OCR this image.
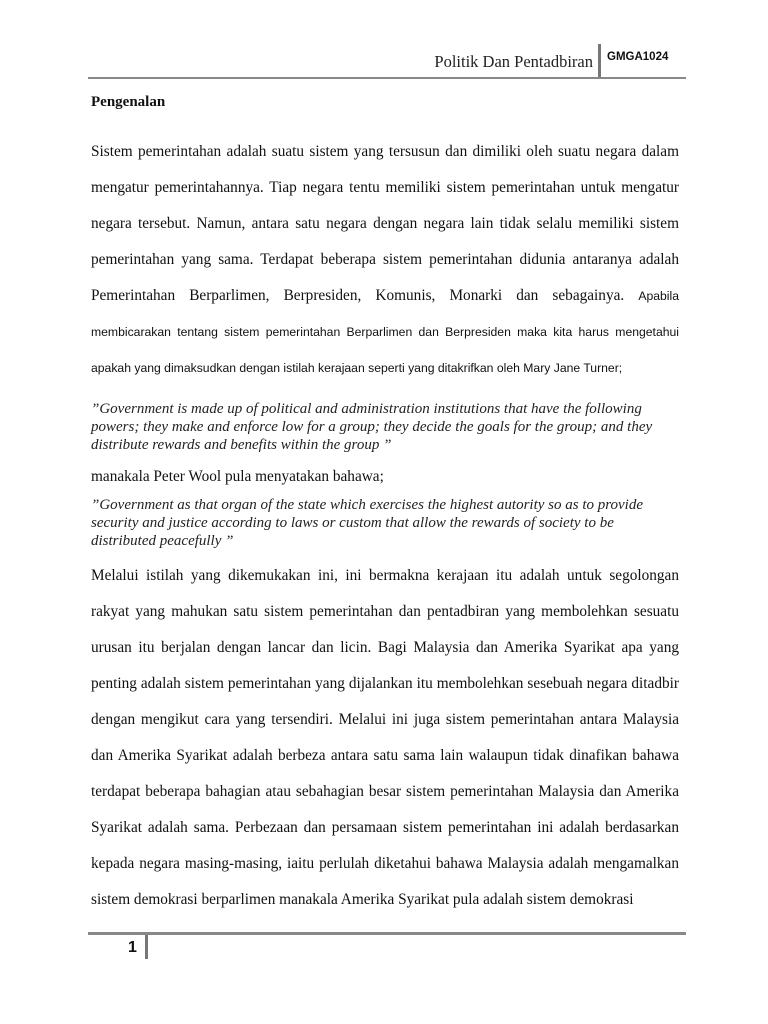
Politik Dan Pentadbiran GMGA1024

Pengenalan

Sistem pemerintahan adalah suatu sistem yang tersusun dan dimiliki oleh suatu negara dalam mengatur pemerintahannya. Tiap negara tentu memiliki sistem pemerintahan untuk mengatur negara tersebut. Namun, antara satu negara dengan negara lain tidak selalu memiliki sistem pemerintahan yang sama. Terdapat beberapa sistem pemerintahan didunia antaranya adalah Pemerintahan Berparlimen, Berpresiden, Komunis, Monarki dan sebagainya. Apabila membicarakan tentang sistem pemerintahan Berparlimen dan Berpresiden maka kita harus mengetahui apakah yang dimaksudkan dengan istilah kerajaan seperti yang ditakrifkan oleh Mary Jane Turner;

”Government is made up of political and administration institutions that have the following powers; they make and enforce low for a group; they decide the goals for the group; and they distribute rewards and benefits within the group ”

manakala Peter Wool pula menyatakan bahawa;

”Government as that organ of the state which exercises the highest autority so as to provide security and justice according to laws or custom that allow the rewards of society to be distributed peacefully ”

Melalui istilah yang dikemukakan ini, ini bermakna kerajaan itu adalah untuk segolongan rakyat yang mahukan satu sistem pemerintahan dan pentadbiran yang membolehkan sesuatu urusan itu berjalan dengan lancar dan licin. Bagi Malaysia dan Amerika Syarikat apa yang penting adalah sistem pemerintahan yang dijalankan itu membolehkan sesebuah negara ditadbir dengan mengikut cara yang tersendiri. Melalui ini juga sistem pemerintahan antara Malaysia dan Amerika Syarikat adalah berbeza antara satu sama lain walaupun tidak dinafikan bahawa terdapat beberapa bahagian atau sebahagian besar sistem pemerintahan Malaysia dan Amerika Syarikat adalah sama. Perbezaan dan persamaan sistem pemerintahan ini adalah berdasarkan kepada negara masing-masing, iaitu perlulah diketahui bahawa Malaysia adalah mengamalkan sistem demokrasi berparlimen manakala Amerika Syarikat pula adalah sistem demokrasi

1
